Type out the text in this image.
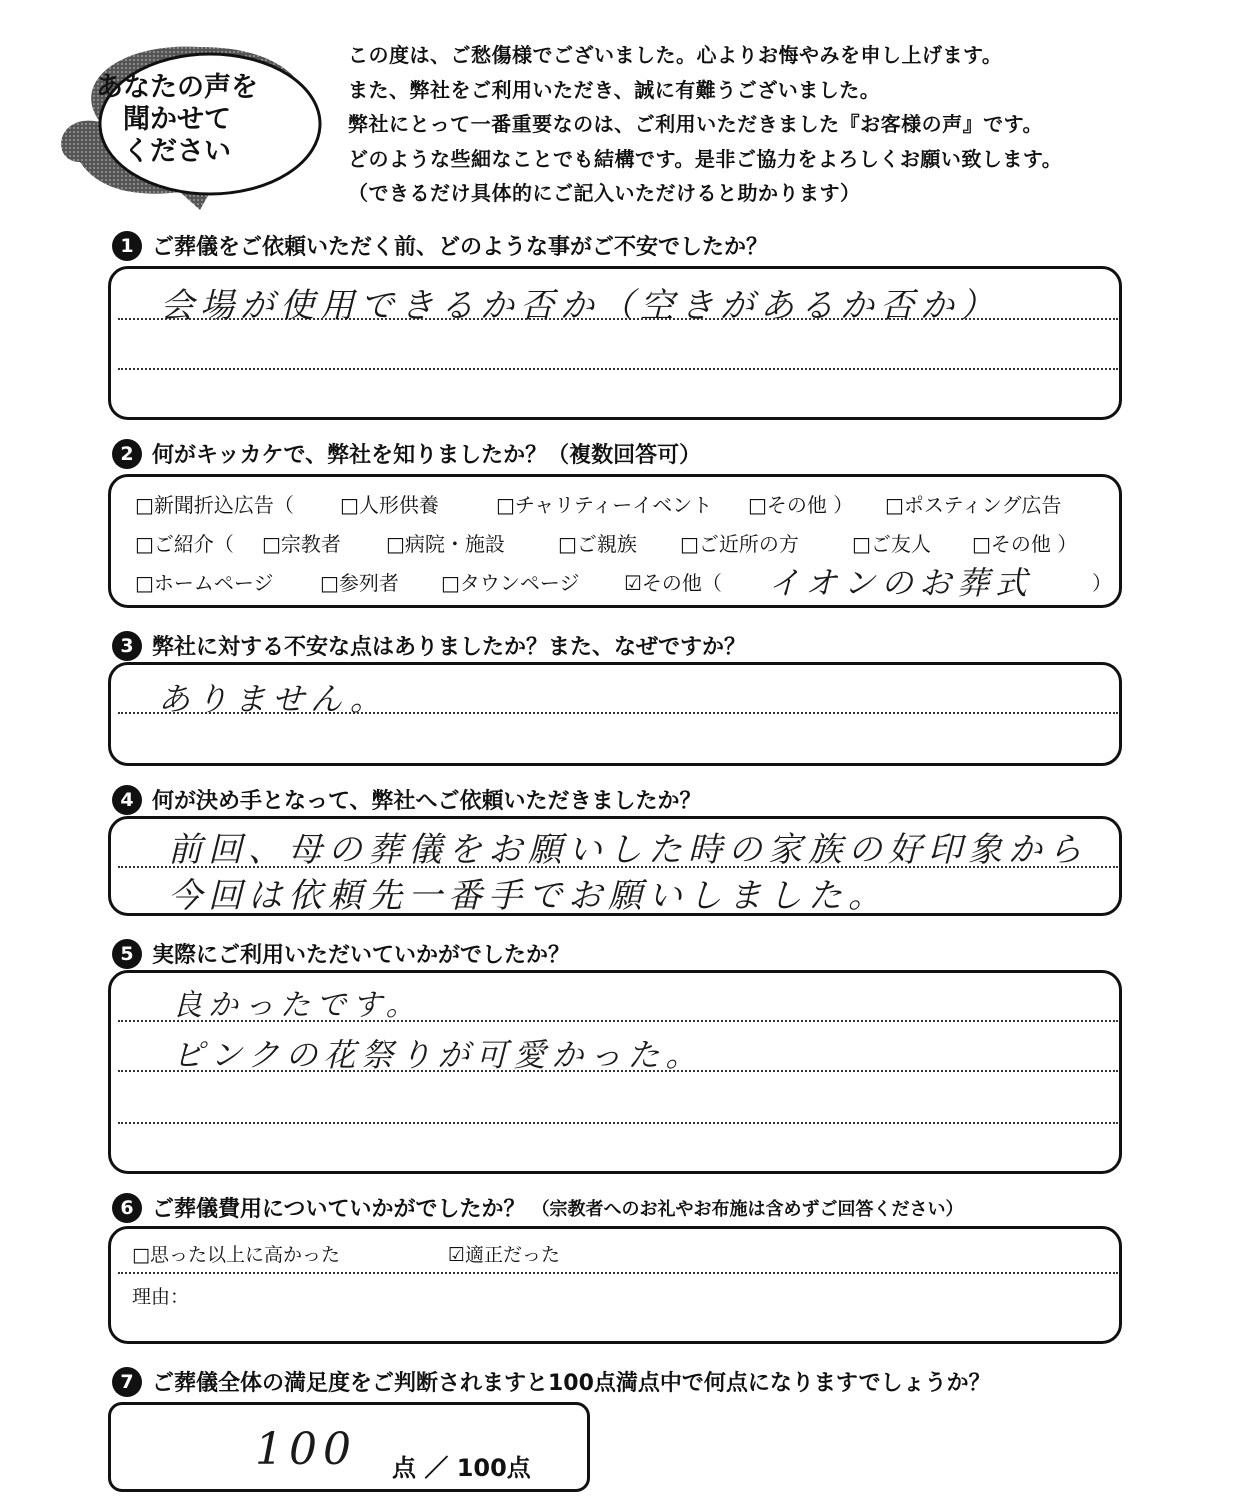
あなたの声を
聞かせて
ください
この度は、ご愁傷様でございました。心よりお悔やみを申し上げます。
また、弊社をご利用いただき、誠に有難うございました。
弊社にとって一番重要なのは、ご利用いただきました『お客様の声』です。
どのような些細なことでも結構です。是非ご協力をよろしくお願い致します。
（できるだけ具体的にご記入いただけると助かります）
1 ご葬儀をご依頼いただく前、どのような事がご不安でしたか？
会場が使用できるか否か（空きがあるか否か）
2 何がキッカケで、弊社を知りましたか？（複数回答可）
□新聞折込広告（ □人形供養	□チャリティーイベント □その他 ） □ポスティング広告
□ご紹介（ □宗教者 □病院・施設	□ご親族 □ご近所の方	□ご友人 □その他 ）
□ホームページ □参列者 □タウンページ ☑その他（ イオンのお葬式	）
3 弊社に対する不安な点はありましたか？また、なぜですか？
ありません。
4 何が決め手となって、弊社へご依頼いただきましたか？
前回、母の葬儀をお願いした時の家族の好印象から
今回は依頼先一番手でお願いしました。
5 実際にご利用いただいていかがでしたか？
良かったです。
ピンクの花祭りが可愛かった。
6 ご葬儀費用についていかがでしたか？ （宗教者へのお礼やお布施は含めずご回答ください）
□思った以上に高かった	☑適正だった
理由：
7 ご葬儀全体の満足度をご判断されますと100点満点中で何点になりますでしょうか？
100 点 ／ 100点
